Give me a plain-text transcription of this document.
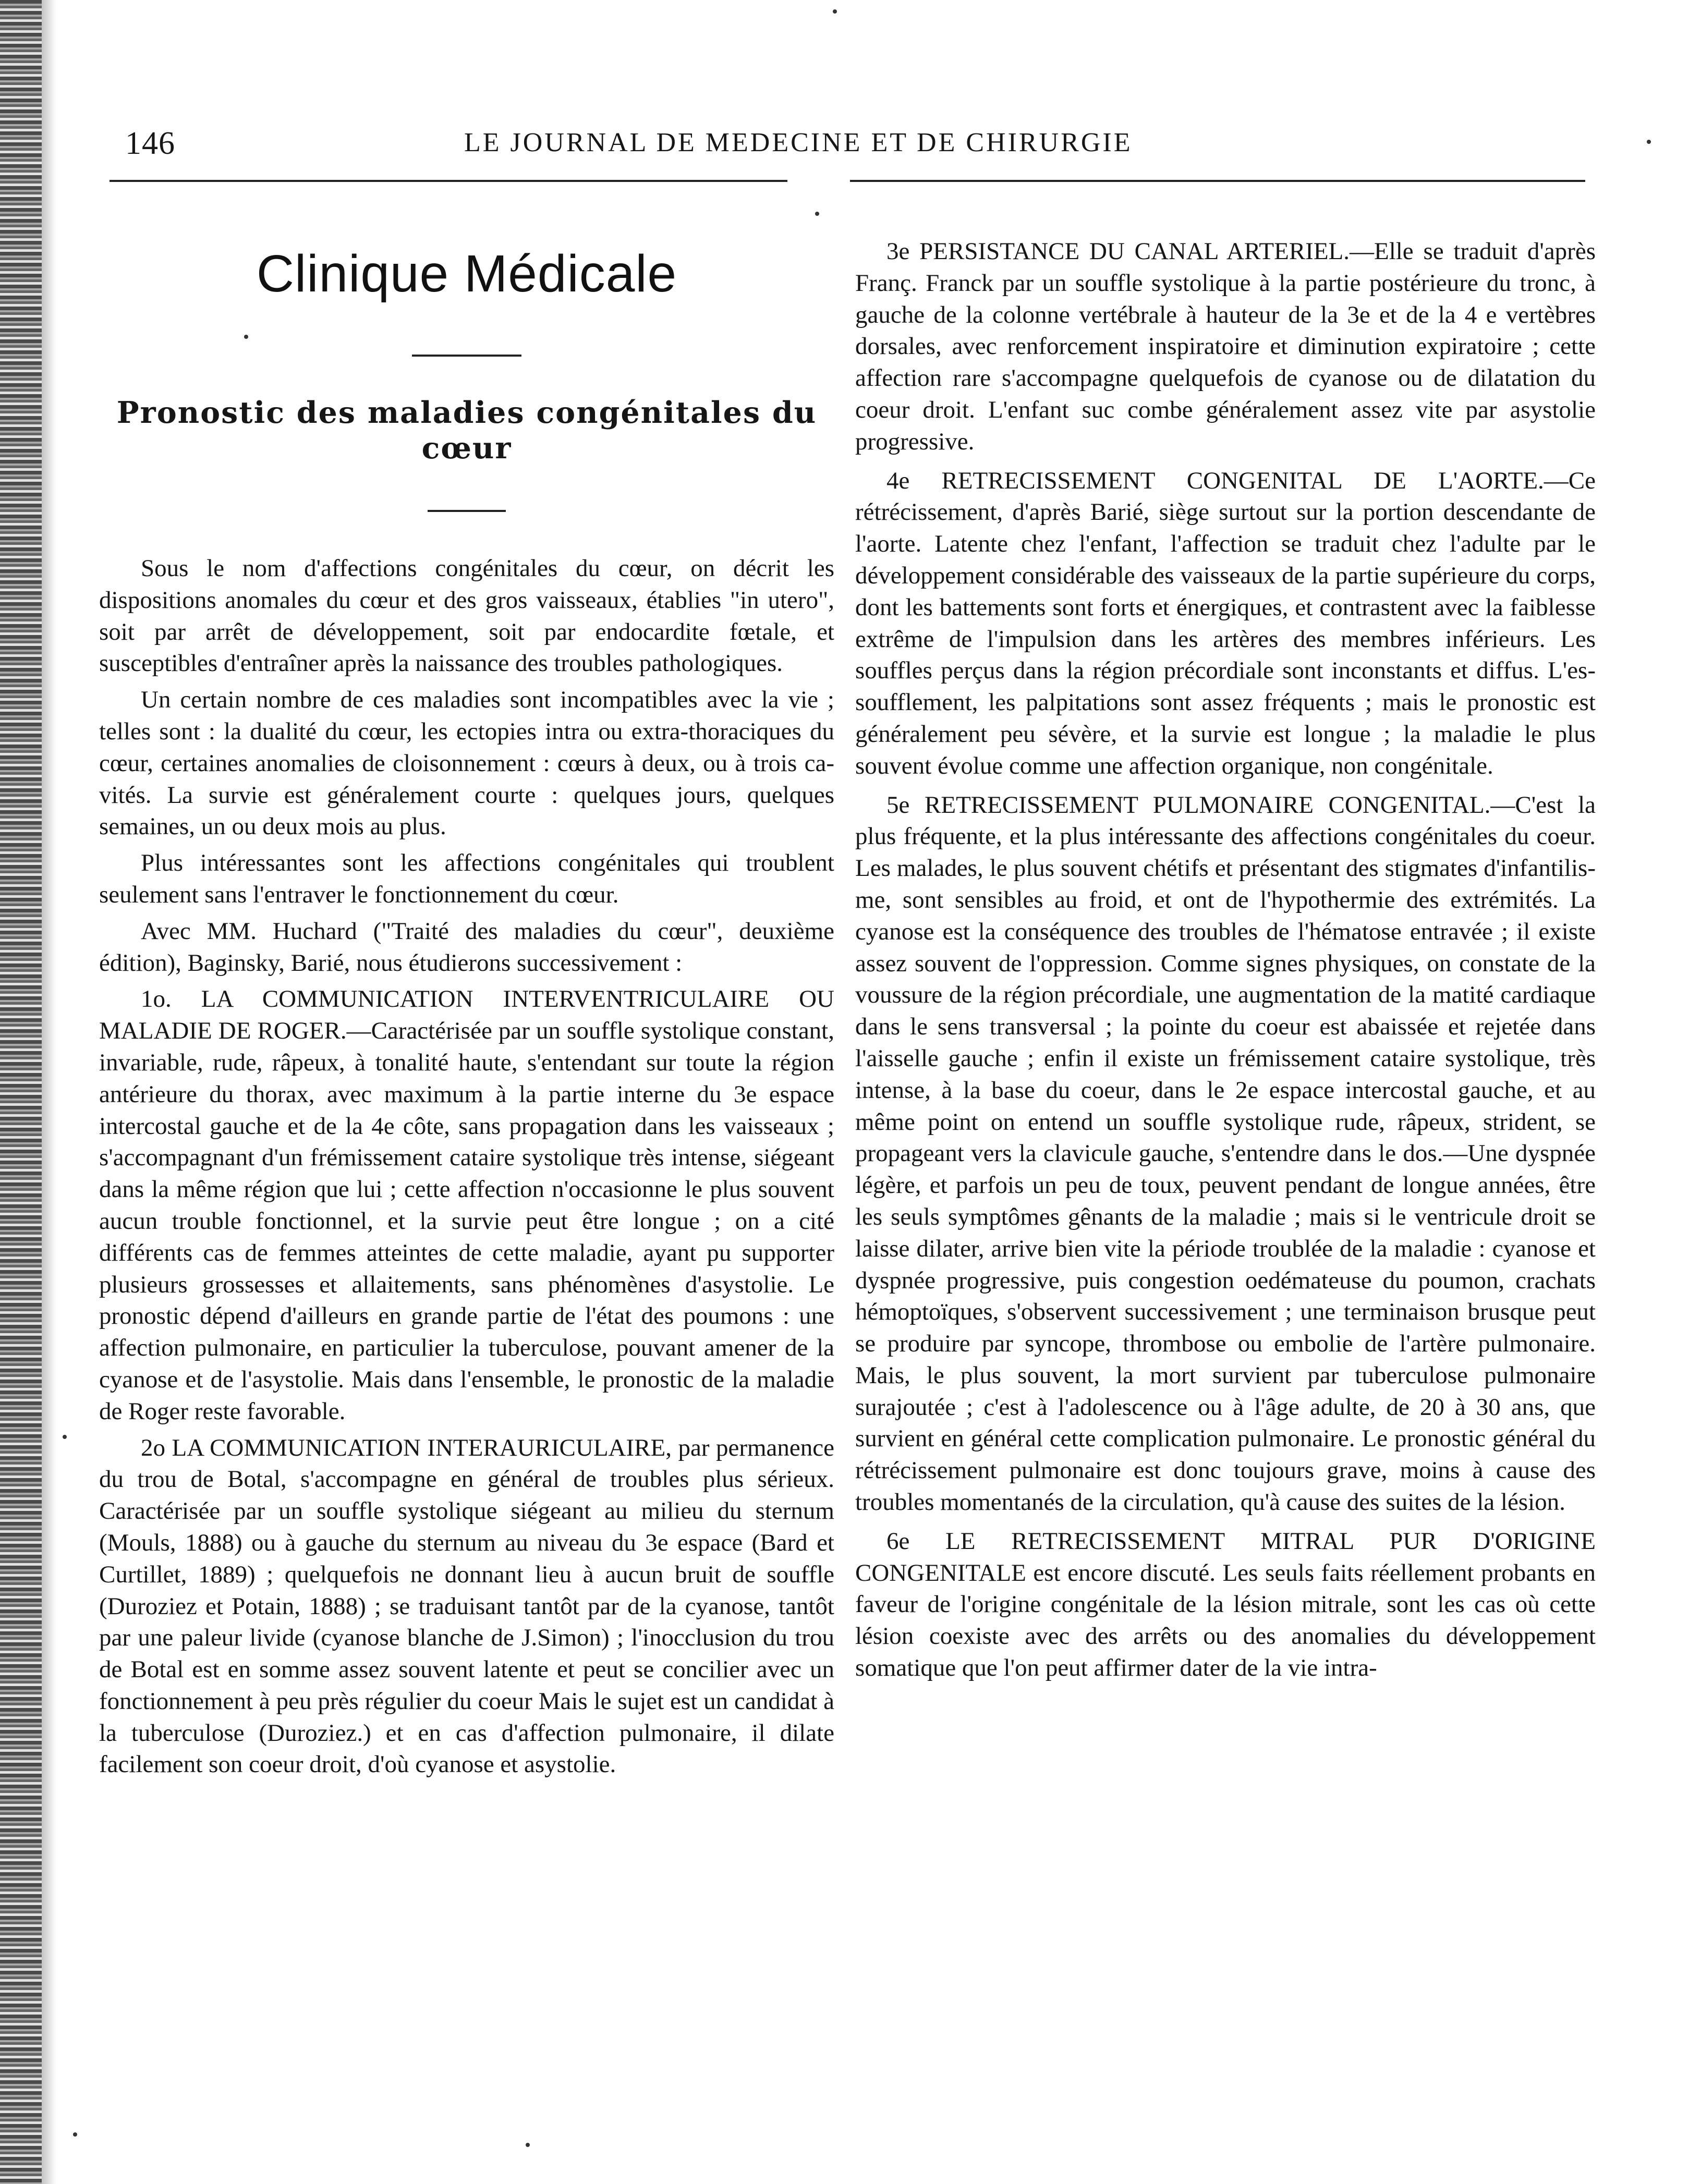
146	LE JOURNAL DE MEDECINE ET DE CHIRURGIE
Clinique Médicale
Pronostic des maladies congénitales du cœur

Sous le nom d'affections congénitales du cœur, on décrit les dispositions anomales du cœur et des gros vaisseaux, établies "in utero", soit par arrêt de développement, soit par endocardite fœtale, et susceptibles d'entraîner après la naissance des troubles pathologiques.

Un certain nombre de ces maladies sont incompatibles avec la vie ; telles sont : la dualité du cœur, les ectopies intra ou extra-thoraciques du cœur, certaines anomalies de cloisonnement : cœurs à deux, ou à trois cavités. La survie est généralement courte : quelques jours, quelques semaines, un ou deux mois au plus.

Plus intéressantes sont les affections congénitales qui troublent seulement sans l'entraver le fonctionnement du cœur.

Avec MM. Huchard ("Traité des maladies du cœur", deuxième édition), Baginsky, Barié, nous étudierons successivement :

1o. LA COMMUNICATION INTERVENTRICULAIRE OU MALADIE DE ROGER.—Caractérisée par un souffle systolique constant, invariable, rude, râpeux, à tonalité haute, s'entendant sur toute la région antérieure du thorax, avec maximum à la partie interne du 3e espace intercostal gauche et de la 4e côte, sans propagation dans les vaisseaux ; s'accompagnant d'un frémissement cataire systolique très intense, siégeant dans la même région que lui ; cette affection n'occasionne le plus souvent aucun trouble fonctionnel, et la survie peut être longue ; on a cité différents cas de femmes atteintes de cette maladie, ayant pu supporter plusieurs grossesses et allaitements, sans phénomènes d'asystolie. Le pronostic dépend d'ailleurs en grande partie de l'état des poumons : une affection pulmonaire, en particulier la tuberculose, pouvant amener de la cyanose et de l'asystolie. Mais dans l'ensemble, le pronostic de la maladie de Roger reste favorable.

2o LA COMMUNICATION INTERAURICULAIRE, par permanence du trou de Botal, s'accompagne en général de troubles plus sérieux. Caractérisée par un souffle systolique siégeant au milieu du sternum (Mouls, 1888) ou à gauche du sternum au niveau du 3e espace (Bard et Curtillet, 1889) ; quelquefois ne donnant lieu à aucun bruit de souffle (Duroziez et Potain, 1888) ; se traduisant tantôt par de la cyanose, tantôt par une paleur livide (cyanose blanche de J.Simon) ; l'inocclusion du trou de Botal est en somme assez souvent latente et peut se concilier avec un fonctionnement à peu près régulier du coeur Mais le sujet est un candidat à la tuberculose (Duroziez.) et en cas d'affection pulmonaire, il dilate facilement son coeur droit, d'où cyanose et asystolie.

3e PERSISTANCE DU CANAL ARTERIEL.—Elle se traduit d'après Franç. Franck par un souffle systolique à la partie postérieure du tronc, à gauche de la colonne vertébrale à hauteur de la 3e et de la 4 e vertèbres dorsales, avec renforcement inspiratoire et diminution expiratoire ; cette affection rare s'accompagne quelquefois de cyanose ou de dilatation du coeur droit. L'enfant suc combe généralement assez vite par asystolie progressive.

4e RETRECISSEMENT CONGENITAL DE L'AORTE.—Ce rétrécissement, d'après Barié, siège surtout sur la portion descendante de l'aorte. Latente chez l'enfant, l'affection se traduit chez l'adulte par le développement considérable des vaisseaux de la partie supérieure du corps, dont les battements sont forts et énergiques, et contrastent avec la faiblesse extrême de l'impulsion dans les artères des membres inférieurs. Les souffles perçus dans la région précordiale sont inconstants et diffus. L'essoufflement, les palpitations sont assez fréquents ; mais le pronostic est généralement peu sévère, et la survie est longue ; la maladie le plus souvent évolue comme une affection organique, non congénitale.

5e RETRECISSEMENT PULMONAIRE CONGENITAL.—C'est la plus fréquente, et la plus intéressante des affections congénitales du coeur. Les malades, le plus souvent chétifs et présentant des stigmates d'infantilisme, sont sensibles au froid, et ont de l'hypothermie des extrémités. La cyanose est la conséquence des troubles de l'hématose entravée ; il existe assez souvent de l'oppression. Comme signes physiques, on constate de la voussure de la région précordiale, une augmentation de la matité cardiaque dans le sens transversal ; la pointe du coeur est abaissée et rejetée dans l'aisselle gauche ; enfin il existe un frémissement cataire systolique, très intense, à la base du coeur, dans le 2e espace intercostal gauche, et au même point on entend un souffle systolique rude, râpeux, strident, se propageant vers la clavicule gauche, s'entendre dans le dos.—Une dyspnée légère, et parfois un peu de toux, peuvent pendant de longue années, être les seuls symptômes gênants de la maladie ; mais si le ventricule droit se laisse dilater, arrive bien vite la période troublée de la maladie : cyanose et dyspnée progressive, puis congestion oedémateuse du poumon, crachats hémoptoïques, s'observent successivement ; une terminaison brusque peut se produire par syncope, thrombose ou embolie de l'artère pulmonaire. Mais, le plus souvent, la mort survient par tuberculose pulmonaire surajoutée ; c'est à l'adolescence ou à l'âge adulte, de 20 à 30 ans, que survient en général cette complication pulmonaire. Le pronostic général du rétrécissement pulmonaire est donc toujours grave, moins à cause des troubles momentanés de la circulation, qu'à cause des suites de la lésion.

6e LE RETRECISSEMENT MITRAL PUR D'ORIGINE CONGENITALE est encore discuté. Les seuls faits réellement probants en faveur de l'origine congénitale de la lésion mitrale, sont les cas où cette lésion coexiste avec des arrêts ou des anomalies du développement somatique que l'on peut affirmer dater de la vie intra-
